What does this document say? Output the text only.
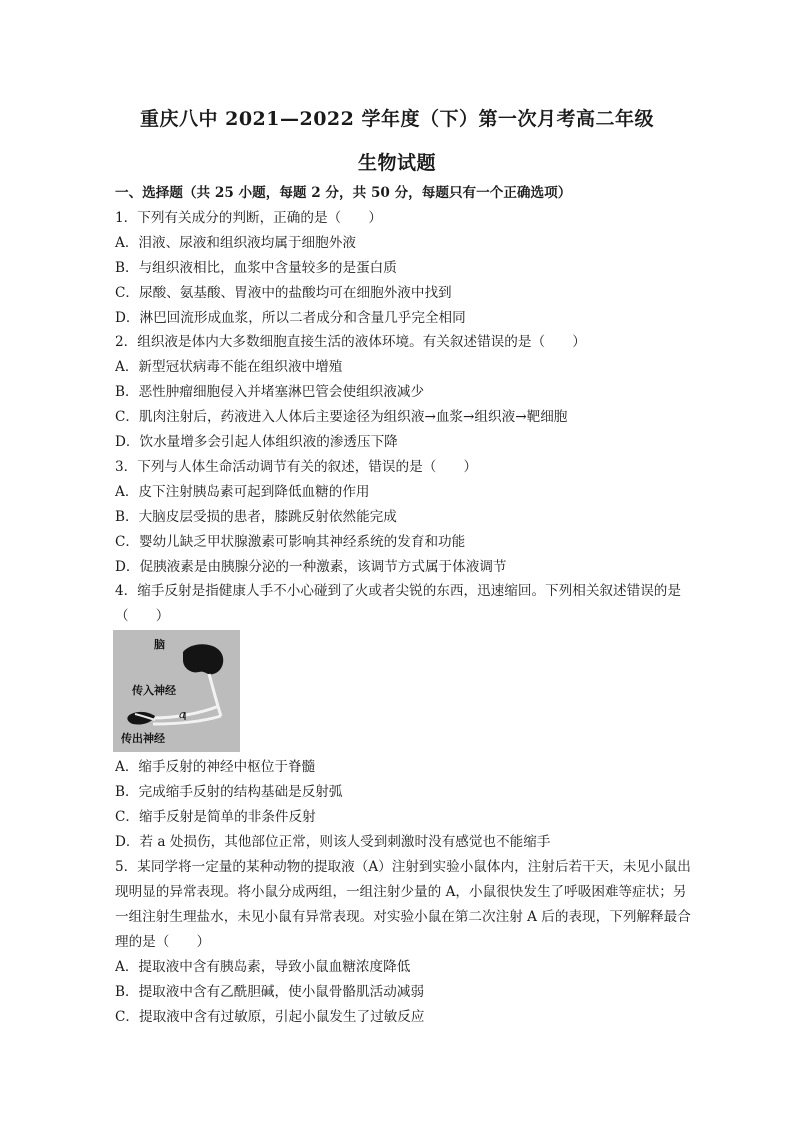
重庆八中 2021—2022 学年度（下）第一次月考高二年级
生物试题
一、选择题（共 25 小题，每题 2 分，共 50 分，每题只有一个正确选项）
1．下列有关成分的判断，正确的是（　　）
A．泪液、尿液和组织液均属于细胞外液
B．与组织液相比，血浆中含量较多的是蛋白质
C．尿酸、氨基酸、胃液中的盐酸均可在细胞外液中找到
D．淋巴回流形成血浆，所以二者成分和含量几乎完全相同
2．组织液是体内大多数细胞直接生活的液体环境。有关叙述错误的是（　　）
A．新型冠状病毒不能在组织液中增殖
B．恶性肿瘤细胞侵入并堵塞淋巴管会使组织液减少
C．肌肉注射后，药液进入人体后主要途径为组织液→血浆→组织液→靶细胞
D．饮水量增多会引起人体组织液的渗透压下降
3．下列与人体生命活动调节有关的叙述，错误的是（　　）
A．皮下注射胰岛素可起到降低血糖的作用
B．大脑皮层受损的患者，膝跳反射依然能完成
C．婴幼儿缺乏甲状腺激素可影响其神经系统的发育和功能
D．促胰液素是由胰腺分泌的一种激素，该调节方式属于体液调节
4．缩手反射是指健康人手不小心碰到了火或者尖锐的东西，迅速缩回。下列相关叙述错误的是
（　　）
脑
传入神经
a
传出神经
A．缩手反射的神经中枢位于脊髓
B．完成缩手反射的结构基础是反射弧
C．缩手反射是简单的非条件反射
D．若 a 处损伤，其他部位正常，则该人受到刺激时没有感觉也不能缩手
5．某同学将一定量的某种动物的提取液（A）注射到实验小鼠体内，注射后若干天，未见小鼠出
现明显的异常表现。将小鼠分成两组，一组注射少量的 A，小鼠很快发生了呼吸困难等症状；另
一组注射生理盐水，未见小鼠有异常表现。对实验小鼠在第二次注射 A 后的表现，下列解释最合
理的是（　　）
A．提取液中含有胰岛素，导致小鼠血糖浓度降低
B．提取液中含有乙酰胆碱，使小鼠骨骼肌活动减弱
C．提取液中含有过敏原，引起小鼠发生了过敏反应
